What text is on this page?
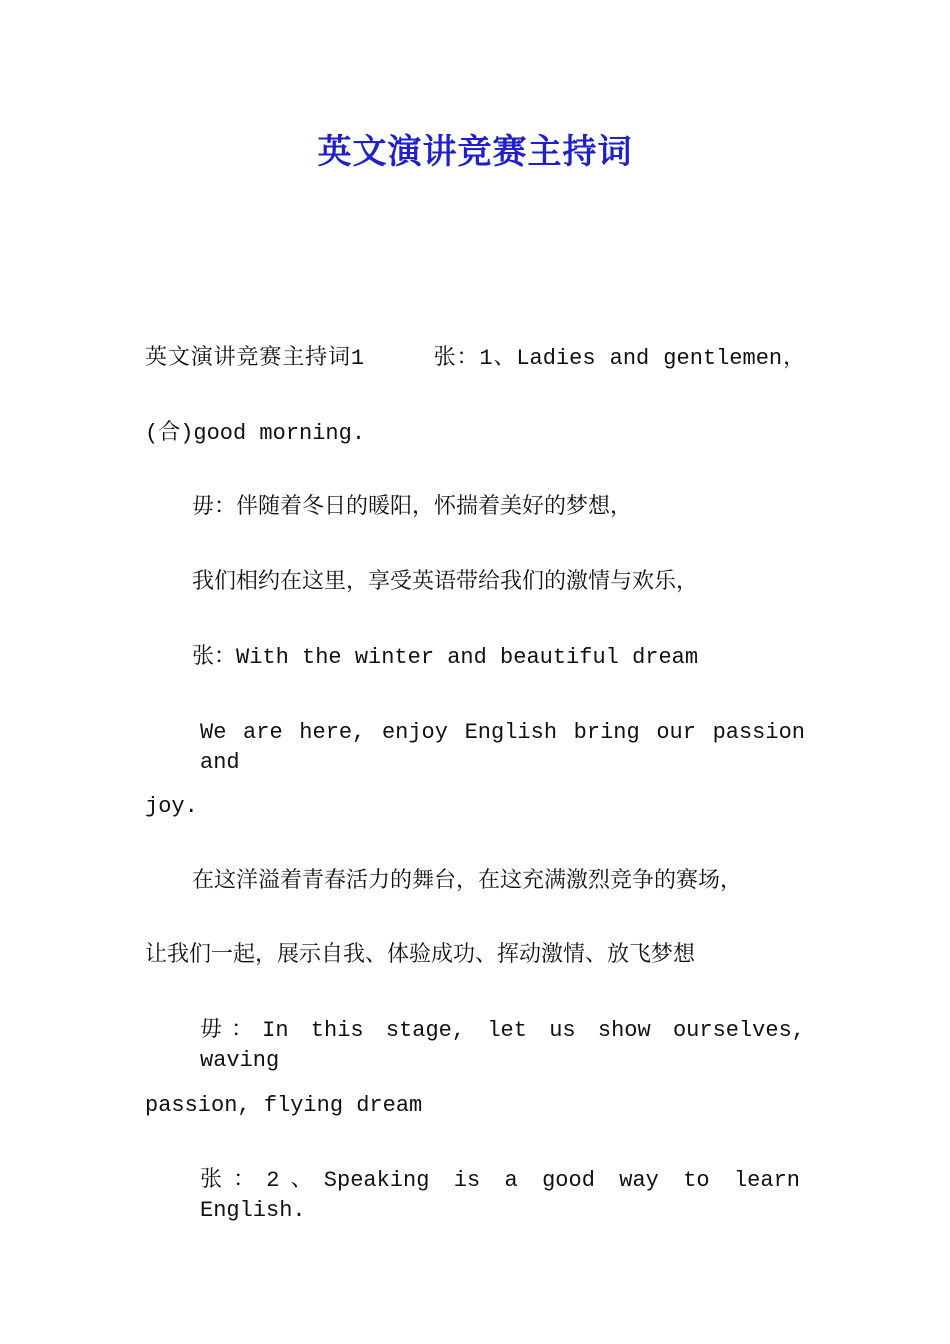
英文演讲竞赛主持词
英文演讲竞赛主持词1　　　张：1、Ladies and gentlemen，
(合)good morning.
毋：伴随着冬日的暖阳，怀揣着美好的梦想，
我们相约在这里，享受英语带给我们的激情与欢乐，
张：With the winter and beautiful dream
We are here, enjoy English bring our passion and
joy.
在这洋溢着青春活力的舞台，在这充满激烈竞争的赛场，
让我们一起，展示自我、体验成功、挥动激情、放飞梦想
毋：In this stage, let us show ourselves, waving
passion, flying dream
张：2、Speaking is a good way to learn English.
